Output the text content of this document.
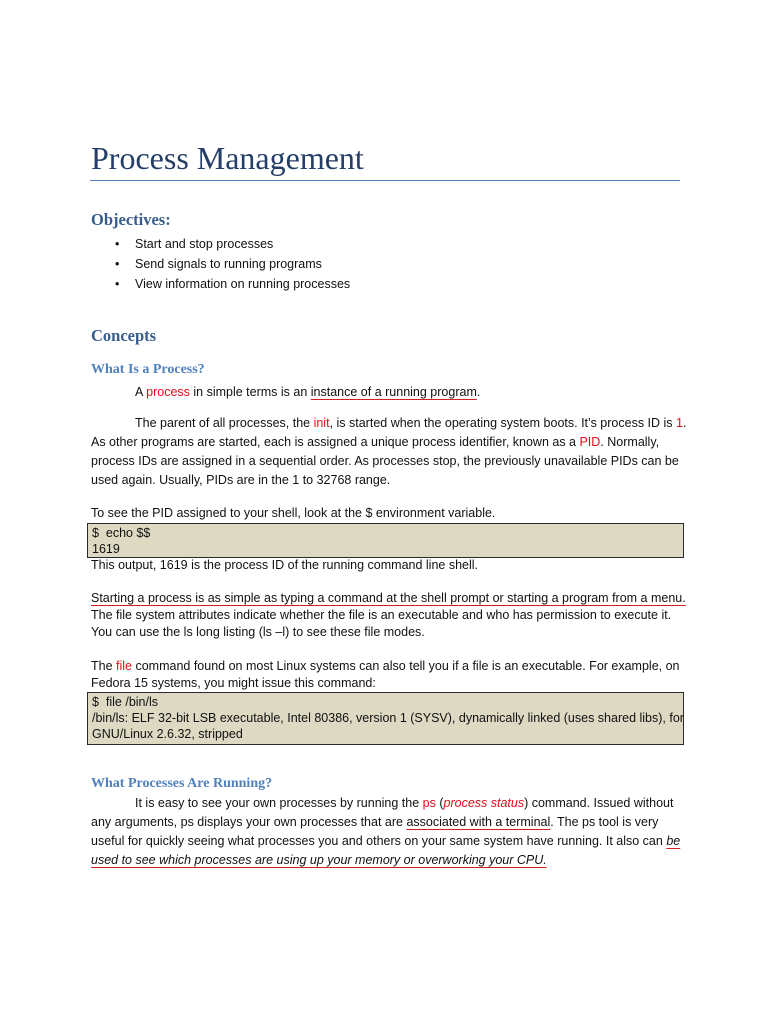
Process Management
Objectives:
• Start and stop processes
• Send signals to running programs
• View information on running processes
Concepts
What Is a Process?

A process in simple terms is an instance of a running program.

The parent of all processes, the init, is started when the operating system boots. It’s process ID is 1. As other programs are started, each is assigned a unique process identifier, known as a PID. Normally, process IDs are assigned in a sequential order. As processes stop, the previously unavailable PIDs can be used again. Usually, PIDs are in the 1 to 32768 range.

To see the PID assigned to your shell, look at the $ environment variable.

$  echo $$
1619

This output, 1619 is the process ID of the running command line shell.

Starting a process is as simple as typing a command at the shell prompt or starting a program from a menu. The file system attributes indicate whether the file is an executable and who has permission to execute it. You can use the ls long listing (ls –l) to see these file modes.

The file command found on most Linux systems can also tell you if a file is an executable. For example, on Fedora 15 systems, you might issue this command:

$  file /bin/ls
/bin/ls: ELF 32-bit LSB executable, Intel 80386, version 1 (SYSV), dynamically linked (uses shared libs), for
GNU/Linux 2.6.32, stripped
What Processes Are Running?

It is easy to see your own processes by running the ps (process status) command. Issued without any arguments, ps displays your own processes that are associated with a terminal. The ps tool is very useful for quickly seeing what processes you and others on your same system have running. It also can be used to see which processes are using up your memory or overworking your CPU.
